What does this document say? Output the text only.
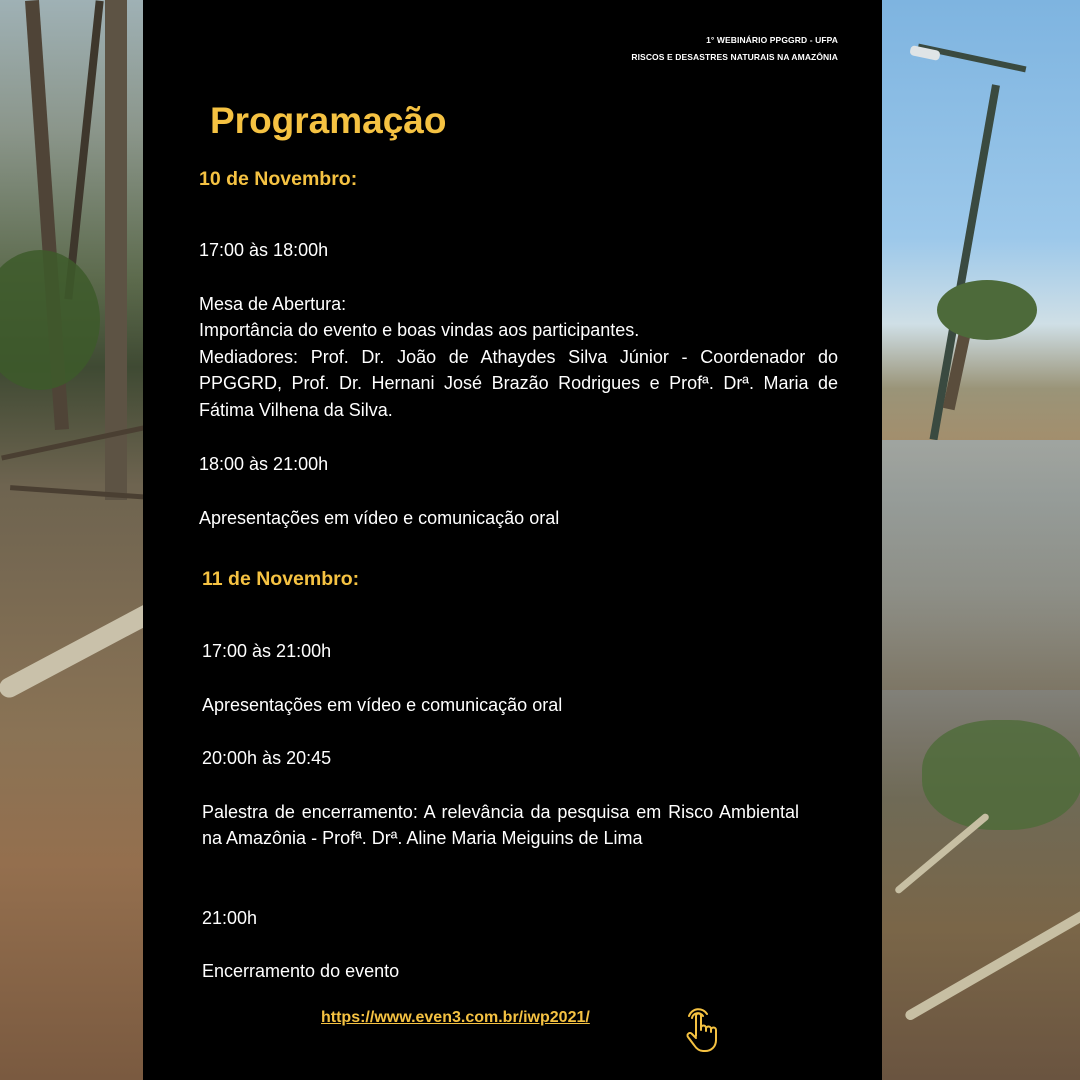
1° WEBINÁRIO PPGGRD - UFPA
RISCOS E DESASTRES NATURAIS NA AMAZÔNIA
Programação
10 de Novembro:
17:00 às 18:00h
Mesa de Abertura:
Importância do evento e boas vindas aos participantes.
Mediadores: Prof. Dr. João de Athaydes Silva Júnior - Coordenador do PPGGRD, Prof. Dr. Hernani José Brazão Rodrigues e Profª. Drª. Maria de Fátima Vilhena da Silva.
18:00 às 21:00h
Apresentações em vídeo e comunicação oral
11 de Novembro:
17:00 às 21:00h
Apresentações em vídeo e comunicação oral
20:00h às 20:45
Palestra de encerramento: A relevância da pesquisa em Risco Ambiental na Amazônia - Profª. Drª. Aline Maria Meiguins de Lima
21:00h
Encerramento do evento
https://www.even3.com.br/iwp2021/
